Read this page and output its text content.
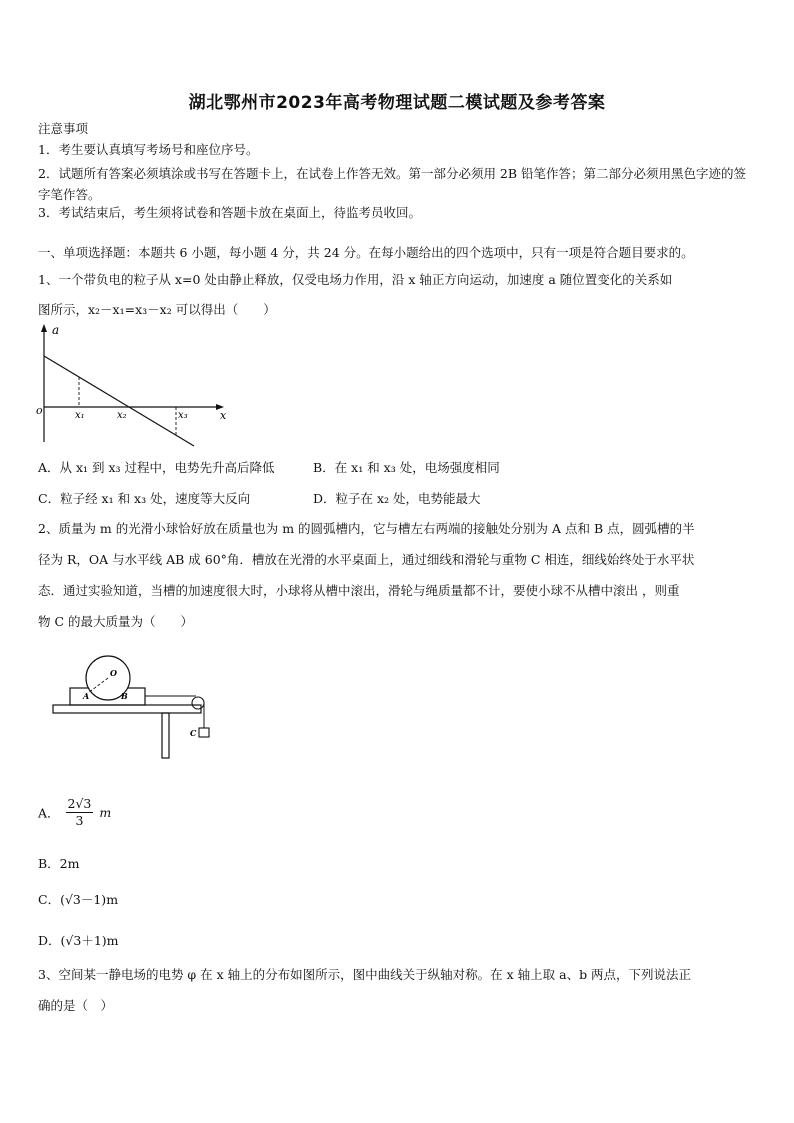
湖北鄂州市2023年高考物理试题二模试题及参考答案
注意事项
1．考生要认真填写考场号和座位序号。
2．试题所有答案必须填涂或书写在答题卡上，在试卷上作答无效。第一部分必须用 2B 铅笔作答；第二部分必须用黑色字迹的签字笔作答。
3．考试结束后，考生须将试卷和答题卡放在桌面上，待监考员收回。
一、单项选择题：本题共 6 小题，每小题 4 分，共 24 分。在每小题给出的四个选项中，只有一项是符合题目要求的。
1、一个带负电的粒子从 x=0 处由静止释放，仅受电场力作用，沿 x 轴正方向运动，加速度 a 随位置变化的关系如
图所示，x₂－x₁=x₃－x₂ 可以得出（　　）
a
o	x
x₁	x₂	x₃
A．从 x₁ 到 x₃ 过程中，电势先升高后降低	B．在 x₁ 和 x₃ 处，电场强度相同
C．粒子经 x₁ 和 x₃ 处，速度等大反向	D．粒子在 x₂ 处，电势能最大
2、质量为 m 的光滑小球恰好放在质量也为 m 的圆弧槽内，它与槽左右两端的接触处分别为 A 点和 B 点，圆弧槽的半
径为 R，OA 与水平线 AB 成 60°角．槽放在光滑的水平桌面上，通过细线和滑轮与重物 C 相连，细线始终处于水平状
态．通过实验知道，当槽的加速度很大时，小球将从槽中滚出，滑轮与绳质量都不计，要使小球不从槽中滚出 ，则重
物 C 的最大质量为（　　）
O
A	B
C
A． $\frac{2√3}{3}$ m
B．2m
C．(√3－1)m
D．(√3＋1)m
3、空间某一静电场的电势 φ 在 x 轴上的分布如图所示，图中曲线关于纵轴对称。在 x 轴上取 a、b 两点，下列说法正
确的是（　）
